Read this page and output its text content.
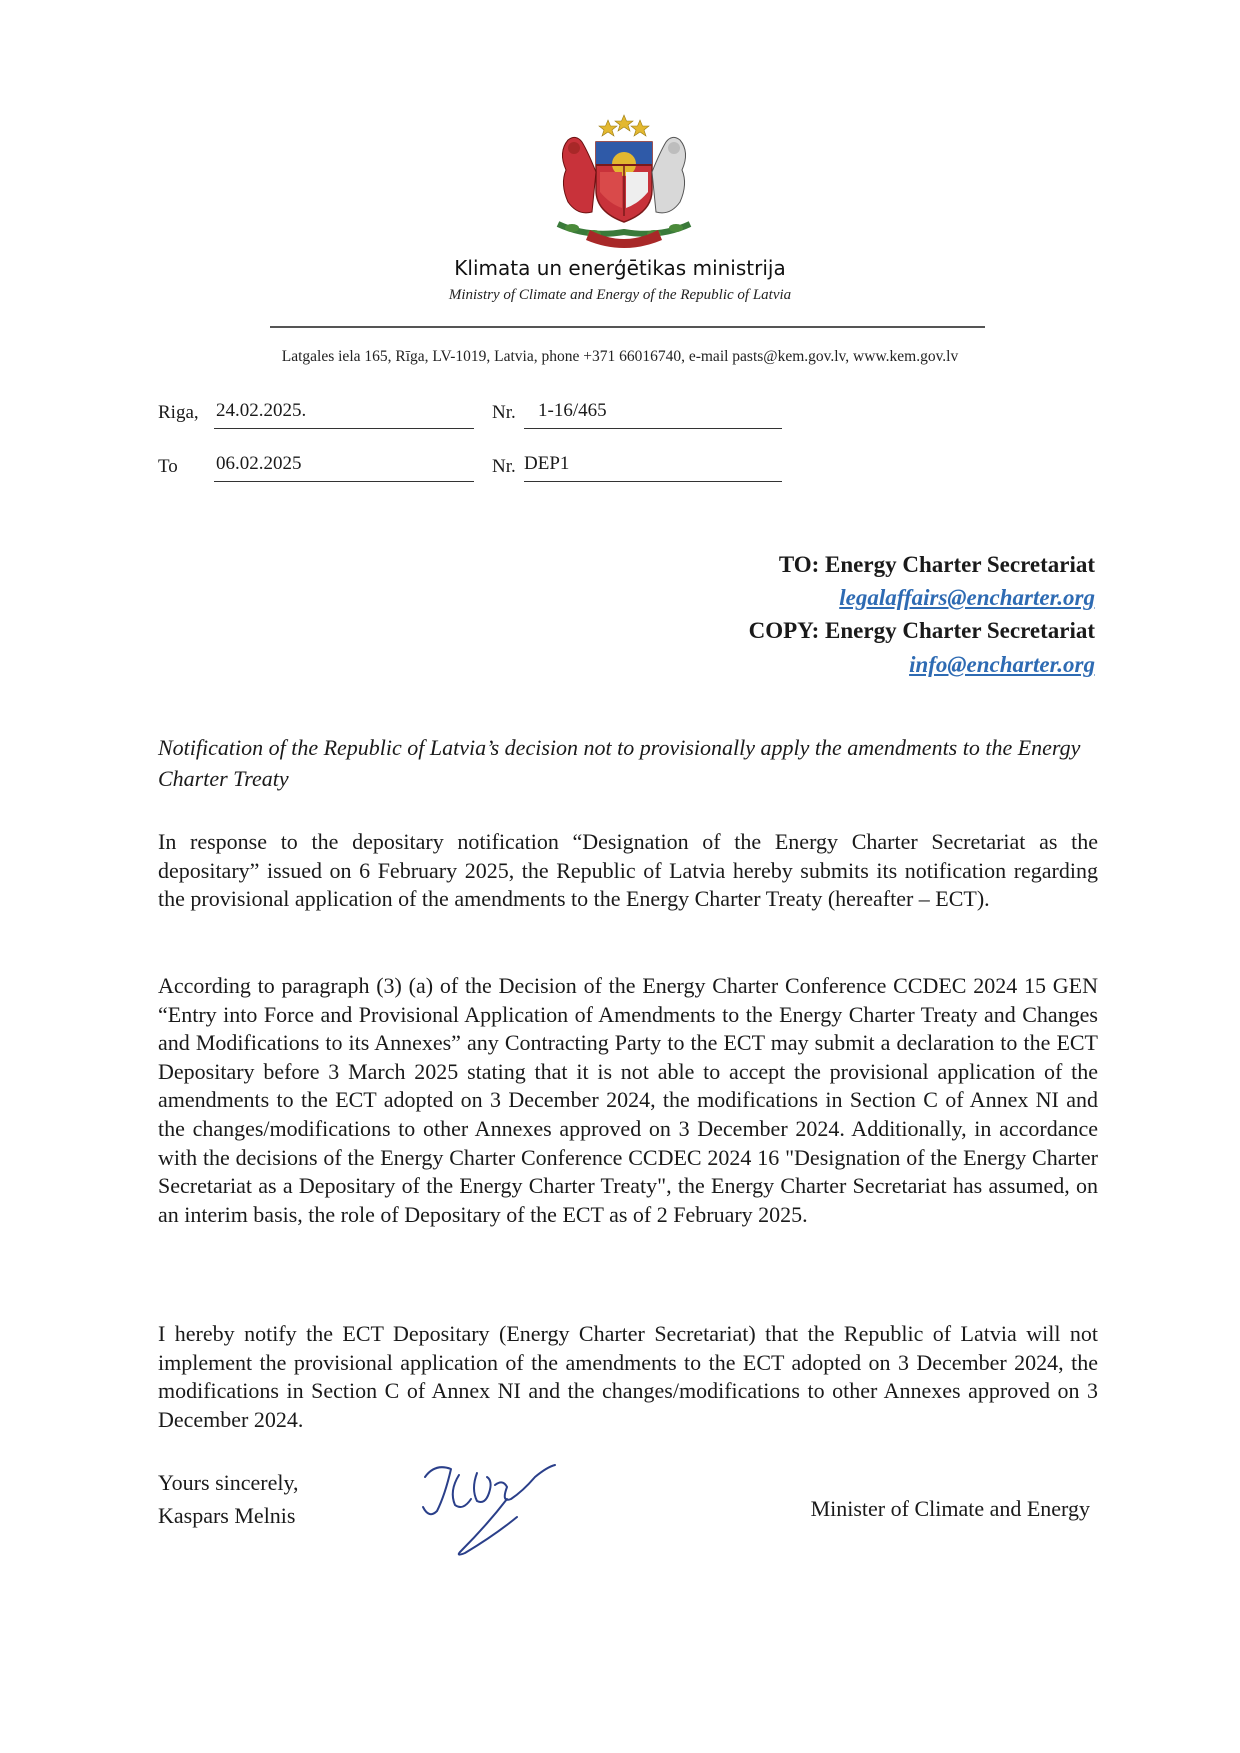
Klimata un enerģētikas ministrija
Ministry of Climate and Energy of the Republic of Latvia
Latgales iela 165, Rīga, LV-1019, Latvia, phone +371 66016740, e-mail pasts@kem.gov.lv, www.kem.gov.lv
Riga, 24.02.2025.	Nr. 1-16/465
To 06.02.2025	Nr. DEP1
TO: Energy Charter Secretariat
legalaffairs@encharter.org
COPY: Energy Charter Secretariat
info@encharter.org
Notification of the Republic of Latvia’s decision not to provisionally apply the amendments to the Energy Charter Treaty
In response to the depositary notification “Designation of the Energy Charter Secretariat as the depositary” issued on 6 February 2025, the Republic of Latvia hereby submits its notification regarding the provisional application of the amendments to the Energy Charter Treaty (hereafter – ECT).
According to paragraph (3) (a) of the Decision of the Energy Charter Conference CCDEC 2024 15 GEN “Entry into Force and Provisional Application of Amendments to the Energy Charter Treaty and Changes and Modifications to its Annexes” any Contracting Party to the ECT may submit a declaration to the ECT Depositary before 3 March 2025 stating that it is not able to accept the provisional application of the amendments to the ECT adopted on 3 December 2024, the modifications in Section C of Annex NI and the changes/modifications to other Annexes approved on 3 December 2024. Additionally, in accordance with the decisions of the Energy Charter Conference CCDEC 2024 16 "Designation of the Energy Charter Secretariat as a Depositary of the Energy Charter Treaty", the Energy Charter Secretariat has assumed, on an interim basis, the role of Depositary of the ECT as of 2 February 2025.
I hereby notify the ECT Depositary (Energy Charter Secretariat) that the Republic of Latvia will not implement the provisional application of the amendments to the ECT adopted on 3 December 2024, the modifications in Section C of Annex NI and the changes/modifications to other Annexes approved on 3 December 2024.
Yours sincerely,
Kaspars Melnis	Minister of Climate and Energy
